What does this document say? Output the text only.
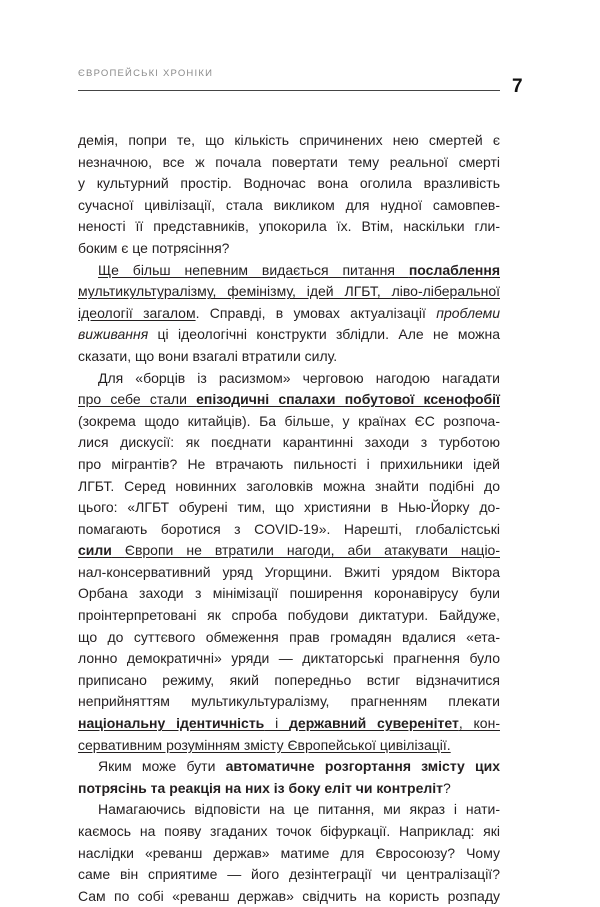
ЄВРОПЕЙСЬКІ ХРОНІКИ
7
демія, попри те, що кількість спричинених нею смертей є
незначною, все ж почала повертати тему реальної смерті
у культурний простір. Водночас вона оголила вразливість
сучасної цивілізації, стала викликом для нудної самовпев-
неності її представників, упокорила їх. Втім, наскільки гли-
боким є це потрясіння?
Ще більш непевним видається питання послаблення
мультикультуралізму, фемінізму, ідей ЛГБТ, ліво-ліберальної
ідеології загалом. Справді, в умовах актуалізації проблеми
виживання ці ідеологічні конструкти зблідли. Але не можна
сказати, що вони взагалі втратили силу.
Для «борців із расизмом» черговою нагодою нагадати
про себе стали епізодичні спалахи побутової ксенофобії
(зокрема щодо китайців). Ба більше, у країнах ЄС розпоча-
лися дискусії: як поєднати карантинні заходи з турботою
про мігрантів? Не втрачають пильності і прихильники ідей
ЛГБТ. Серед новинних заголовків можна знайти подібні до
цього: «ЛГБТ обурені тим, що християни в Нью-Йорку до-
помагають боротися з COVID-19». Нарешті, глобалістські
сили Європи не втратили нагоди, аби атакувати націо-
нал-консервативний уряд Угорщини. Вжиті урядом Віктора
Орбана заходи з мінімізації поширення коронавірусу були
проінтерпретовані як спроба побудови диктатури. Байдуже,
що до суттєвого обмеження прав громадян вдалися «ета-
лонно демократичні» уряди — диктаторські прагнення було
приписано режиму, який попередньо встиг відзначитися
неприйняттям мультикультуралізму, прагненням плекати
національну ідентичність і державний суверенітет, кон-
сервативним розумінням змісту Європейської цивілізації.
Яким може бути автоматичне розгортання змісту цих
потрясінь та реакція на них із боку еліт чи контреліт?
Намагаючись відповісти на це питання, ми якраз і нати-
каємось на появу згаданих точок біфуркації. Наприклад: які
наслідки «реванш держав» матиме для Євросоюзу? Чому
саме він сприятиме — його дезінтеграції чи централізації?
Сам по собі «реванш держав» свідчить на користь розпаду
